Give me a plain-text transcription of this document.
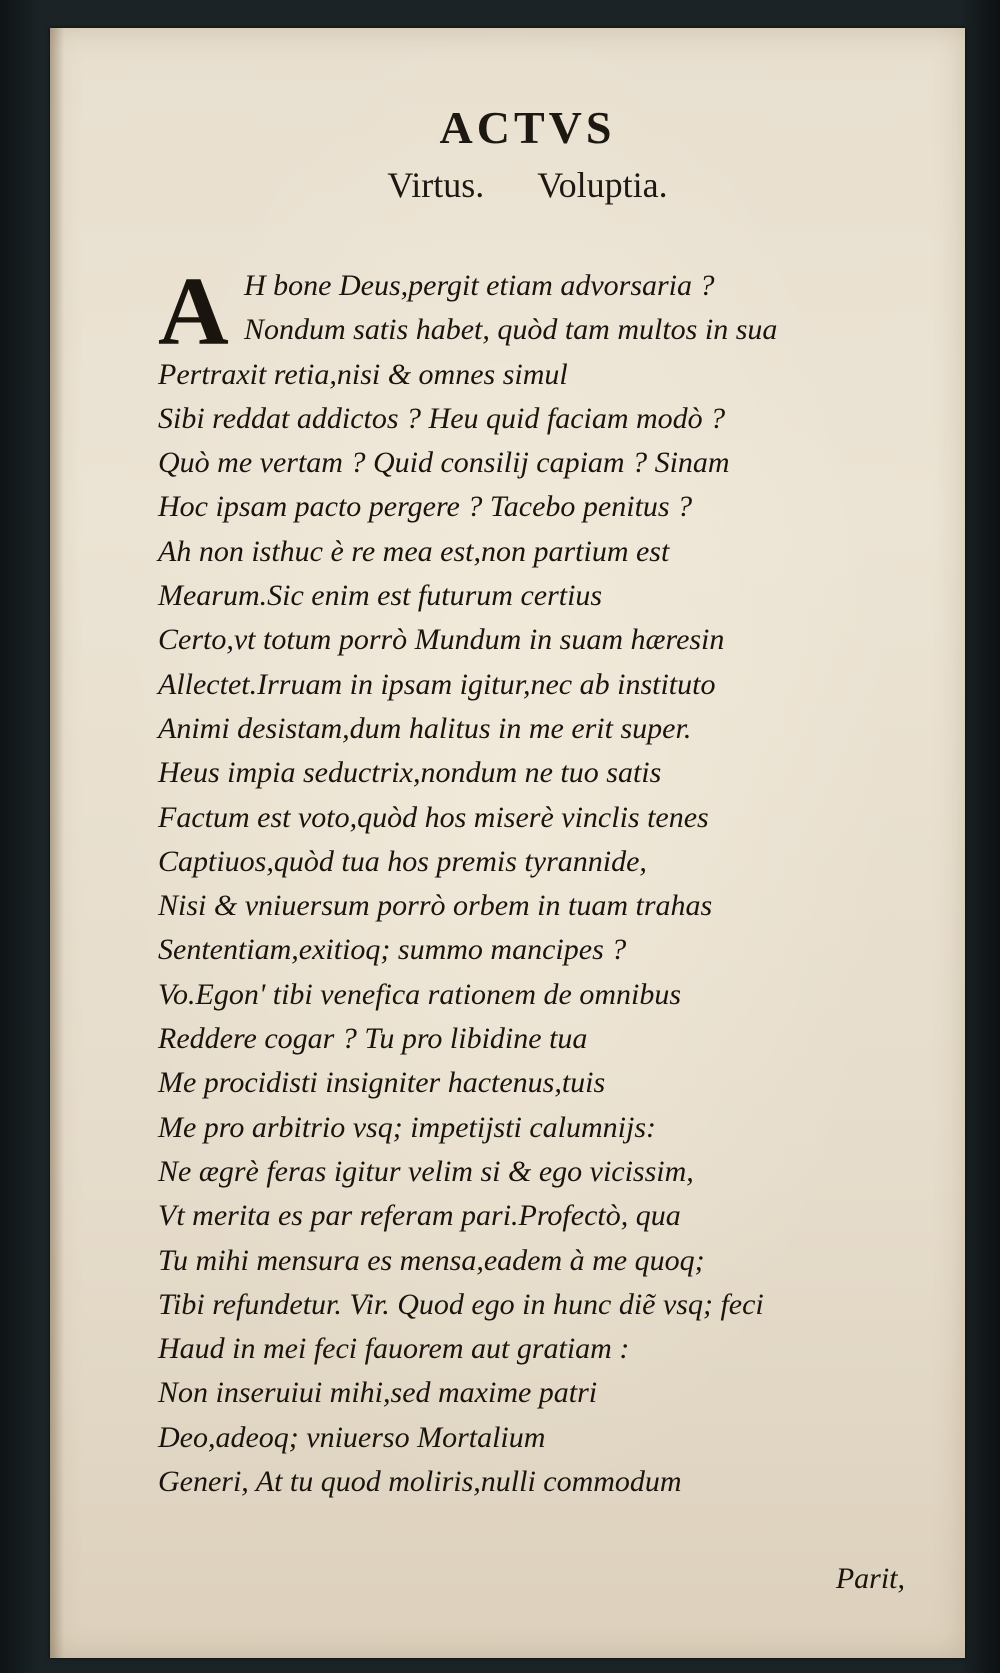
ACTVS
Virtus. Voluptia.
A H bone Deus,pergit etiam advorsaria ?
Nondum satis habet, quòd tam multos in sua
Pertraxit retia,nisi & omnes simul
Sibi reddat addictos ? Heu quid faciam modò ?
Quò me vertam ? Quid consilij capiam ? Sinam
Hoc ipsam pacto pergere ? Tacebo penitus ?
Ah non isthuc è re mea est,non partium est
Mearum.Sic enim est futurum certius
Certo,vt totum porrò Mundum in suam hæresin
Allectet.Irruam in ipsam igitur,nec ab instituto
Animi desistam,dum halitus in me erit super.
Heus impia seductrix,nondum ne tuo satis
Factum est voto,quòd hos miserè vinclis tenes
Captiuos,quòd tua hos premis tyrannide,
Nisi & vniuersum porrò orbem in tuam trahas
Sententiam,exitioq; summo mancipes ?
Vo.Egon' tibi venefica rationem de omnibus
Reddere cogar ? Tu pro libidine tua
Me procidisti insigniter hactenus,tuis
Me pro arbitrio vsq; impetijsti calumnijs:
Ne ægrè feras igitur velim si & ego vicissim,
Vt merita es par referam pari.Profectò, qua
Tu mihi mensura es mensa,eadem à me quoq;
Tibi refundetur. Vir. Quod ego in hunc diẽ vsq; feci
Haud in mei feci fauorem aut gratiam :
Non inseruiui mihi,sed maxime patri
Deo,adeoq; vniuerso Mortalium
Generi, At tu quod moliris,nulli commodum
Parit,
